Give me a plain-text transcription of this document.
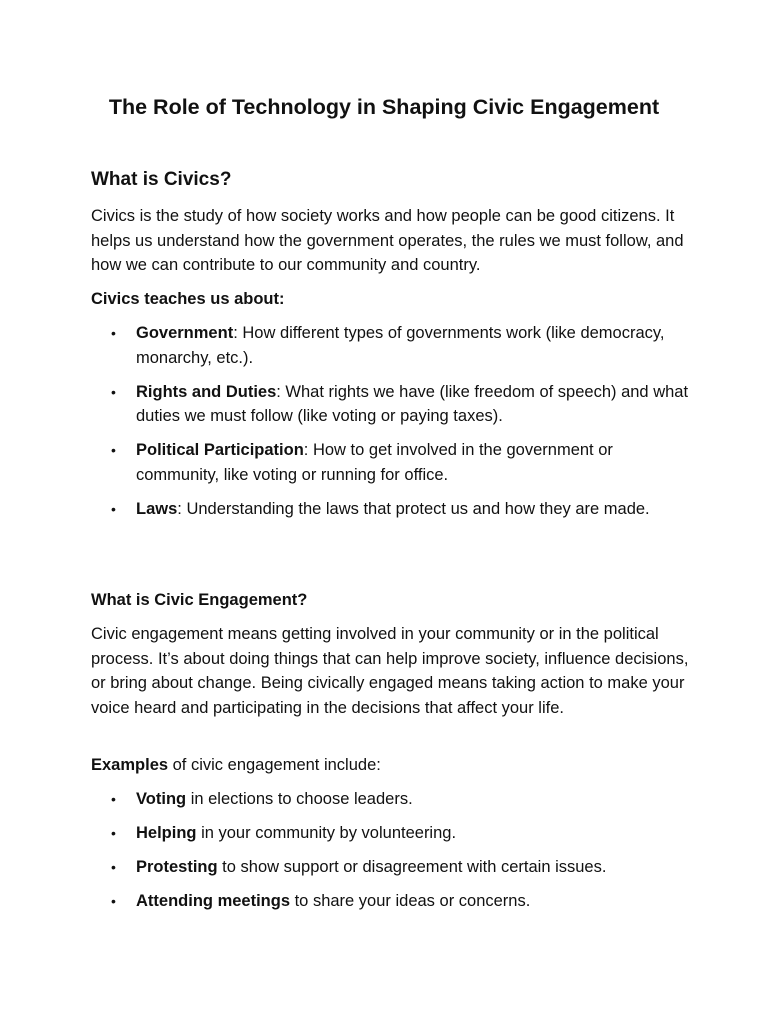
The Role of Technology in Shaping Civic Engagement
What is Civics?

Civics is the study of how society works and how people can be good citizens. It helps us understand how the government operates, the rules we must follow, and how we can contribute to our community and country.

Civics teaches us about:

• Government: How different types of governments work (like democracy, monarchy, etc.).
• Rights and Duties: What rights we have (like freedom of speech) and what duties we must follow (like voting or paying taxes).
• Political Participation: How to get involved in the government or community, like voting or running for office.
• Laws: Understanding the laws that protect us and how they are made.

What is Civic Engagement?

Civic engagement means getting involved in your community or in the political process. It’s about doing things that can help improve society, influence decisions, or bring about change. Being civically engaged means taking action to make your voice heard and participating in the decisions that affect your life.

Examples of civic engagement include:

• Voting in elections to choose leaders.
• Helping in your community by volunteering.
• Protesting to show support or disagreement with certain issues.
• Attending meetings to share your ideas or concerns.
